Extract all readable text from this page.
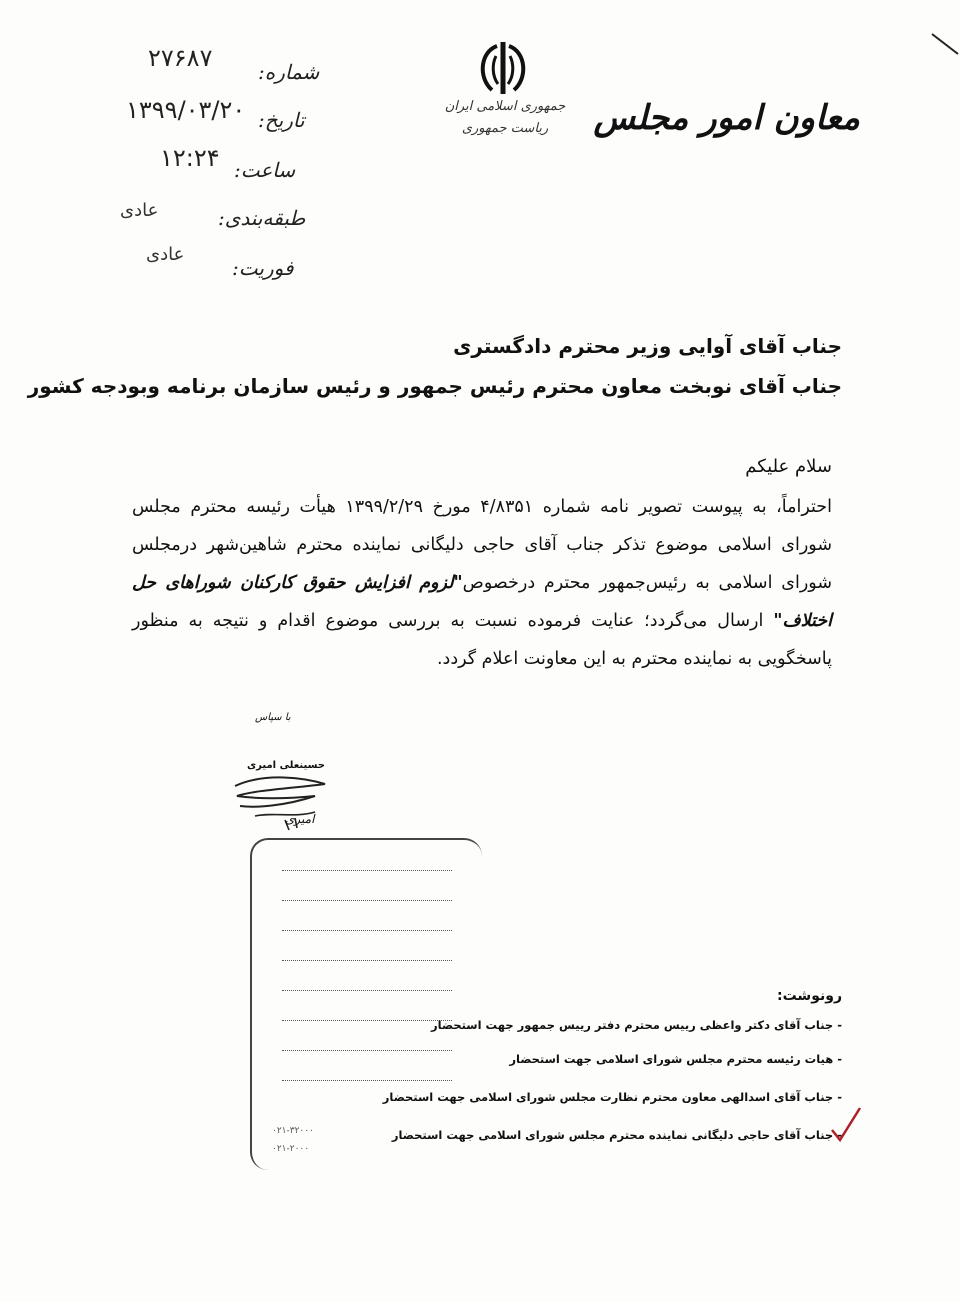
جمهوری اسلامی ایران
ریاست جمهوری	معاون امور مجلس
۲۷۶۸۷ شماره:
۱۳۹۹/۰۳/۲۰ تاریخ:
۱۲:۲۴ ساعت:
عادی	طبقه‌بندی:
عادی
فوریت:
جناب آقای آوایی وزیر محترم دادگستری
جناب آقای نوبخت معاون محترم رئیس جمهور و رئیس سازمان برنامه وبودجه کشور
سلام علیکم
احتراماً، به پیوست تصویر نامه شماره ۴/۸۳۵۱ مورخ ۱۳۹۹/۲/۲۹ هیأت رئیسه محترم مجلس شورای اسلامی موضوع تذکر جناب آقای حاجی دلیگانی نماینده محترم شاهین‌شهر درمجلس شورای اسلامی به رئیس‌جمهور محترم درخصوص"لزوم افزایش حقوق کارکنان شوراهای حل اختلاف" ارسال می‌گردد؛ عنایت فرموده نسبت به بررسی موضوع اقدام و نتیجه به منظور پاسخگویی به نماینده محترم به این معاونت اعلام گردد.
با سپاس
حسینعلی امیری
امیری
۰۲۱-۳۲۰۰۰
۰۲۱-۲۰۰۰
رونوشت:
- جناب آقای دکتر واعظی رییس محترم دفتر رییس جمهور جهت استحضار
- هیات رئیسه محترم مجلس شورای اسلامی جهت استحضار
- جناب آقای اسدالهی معاون محترم نظارت مجلس شورای اسلامی جهت استحضار
- جناب آقای حاجی دلیگانی نماینده محترم مجلس شورای اسلامی جهت استحضار
